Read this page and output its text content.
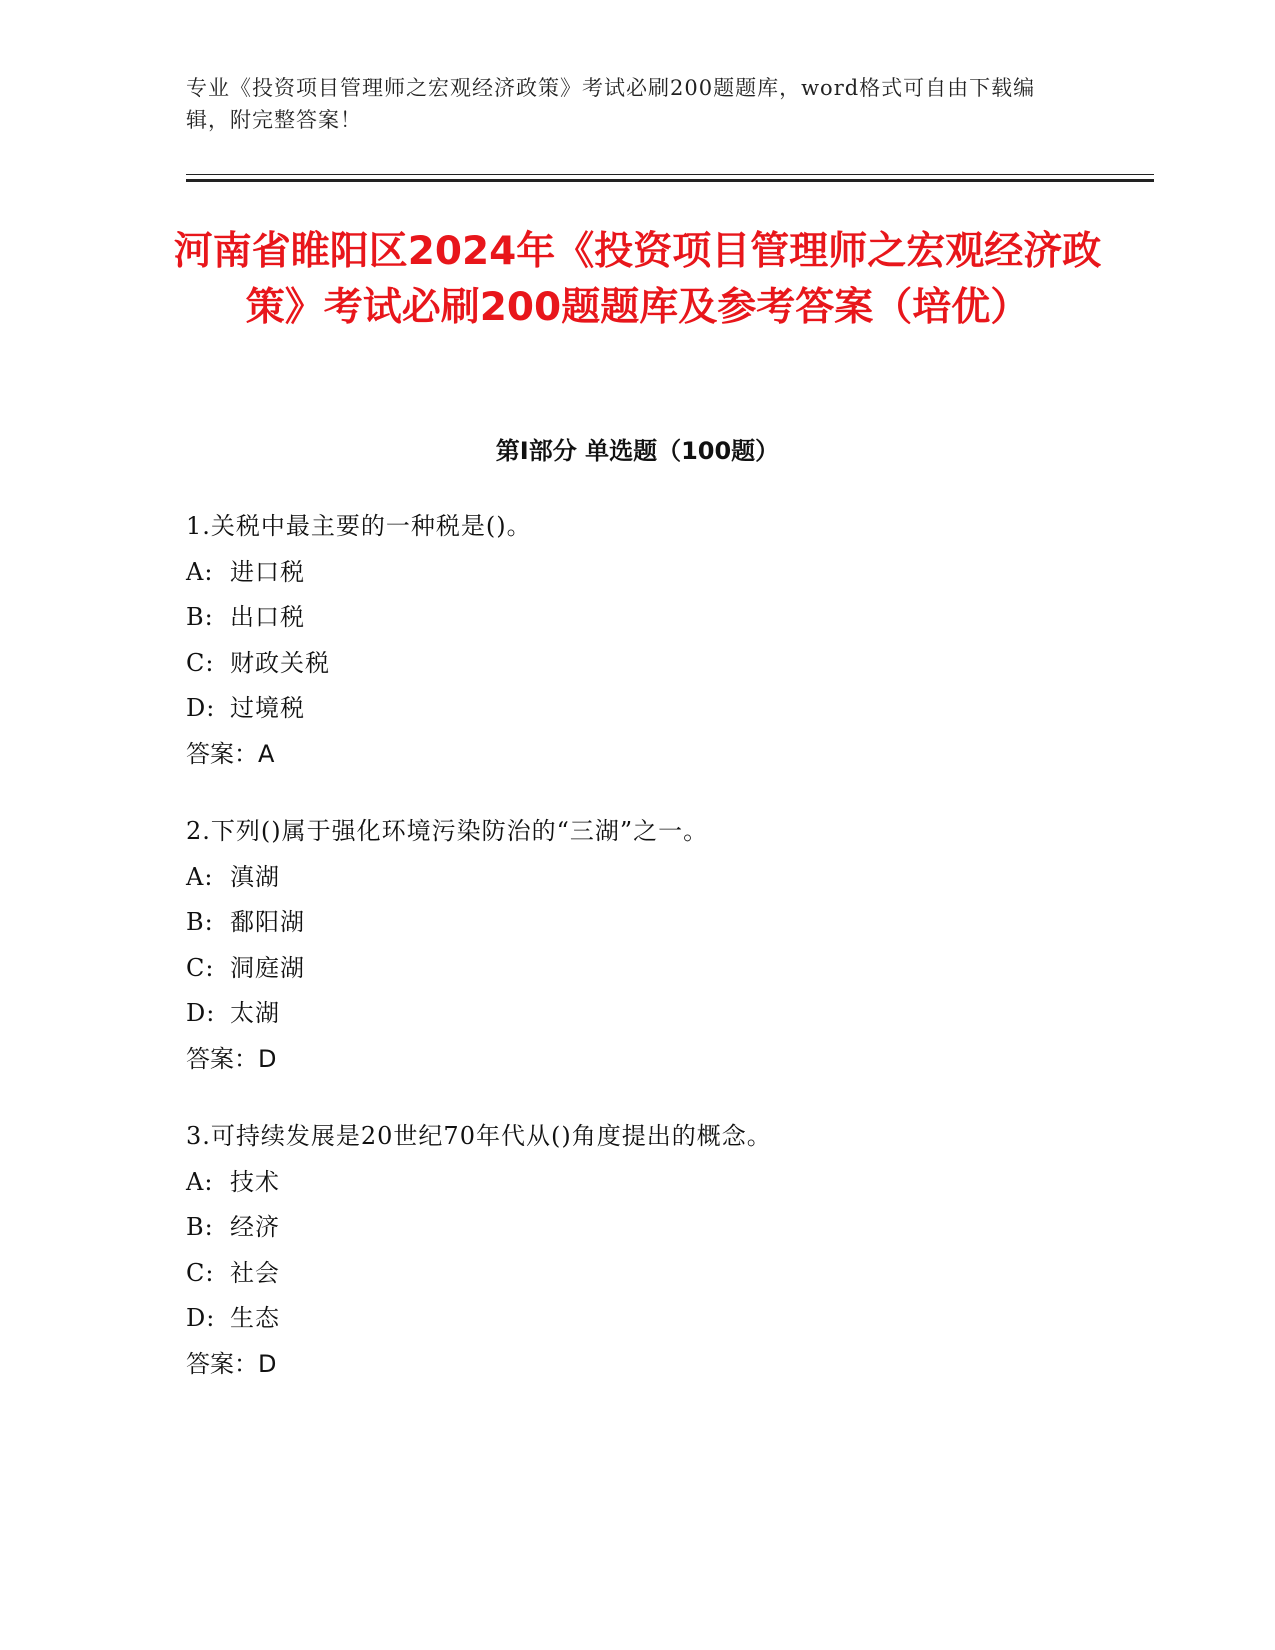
专业《投资项目管理师之宏观经济政策》考试必刷200题题库，word格式可自由下载编辑，附完整答案！
河南省睢阳区2024年《投资项目管理师之宏观经济政策》考试必刷200题题库及参考答案（培优）
第Ⅰ部分 单选题（100题）
1.关税中最主要的一种税是()。
A: 进口税
B: 出口税
C: 财政关税
D: 过境税
答案：A
2.下列()属于强化环境污染防治的“三湖”之一。
A: 滇湖
B: 鄱阳湖
C: 洞庭湖
D: 太湖
答案：D
3.可持续发展是20世纪70年代从()角度提出的概念。
A: 技术
B: 经济
C: 社会
D: 生态
答案：D
